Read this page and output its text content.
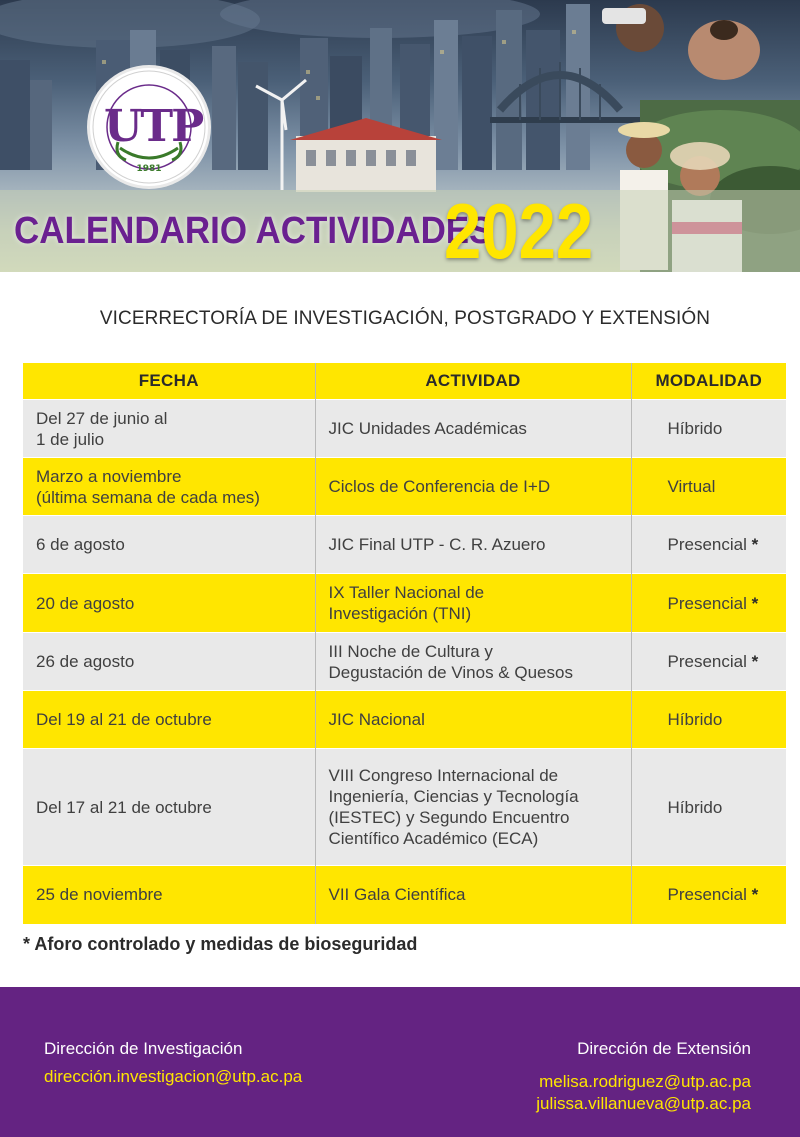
UTP
1981
CALENDARIO ACTIVIDADES
2022
VICERRECTORÍA DE INVESTIGACIÓN, POSTGRADO Y EXTENSIÓN
FECHA	ACTIVIDAD	MODALIDAD
Del 27 de junio al
1 de julio	JIC Unidades Académicas	Híbrido
Marzo a noviembre
(última semana de cada mes)	Ciclos de Conferencia de I+D	Virtual
6 de agosto	JIC Final UTP - C. R. Azuero	Presencial *
20 de agosto	IX Taller Nacional de
Investigación (TNI)	Presencial *
26 de agosto	III Noche de Cultura y
Degustación de Vinos & Quesos	Presencial *
Del 19 al 21 de octubre	JIC Nacional	Híbrido
Del 17 al 21 de octubre	VIII Congreso Internacional de
Ingeniería, Ciencias y Tecnología
(IESTEC) y Segundo Encuentro
Científico Académico (ECA)	Híbrido
25 de noviembre	VII Gala Científica	Presencial *
* Aforo controlado y medidas de bioseguridad
Dirección de Investigación
dirección.investigacion@utp.ac.pa
Dirección de Extensión
melisa.rodriguez@utp.ac.pa
julissa.villanueva@utp.ac.pa
